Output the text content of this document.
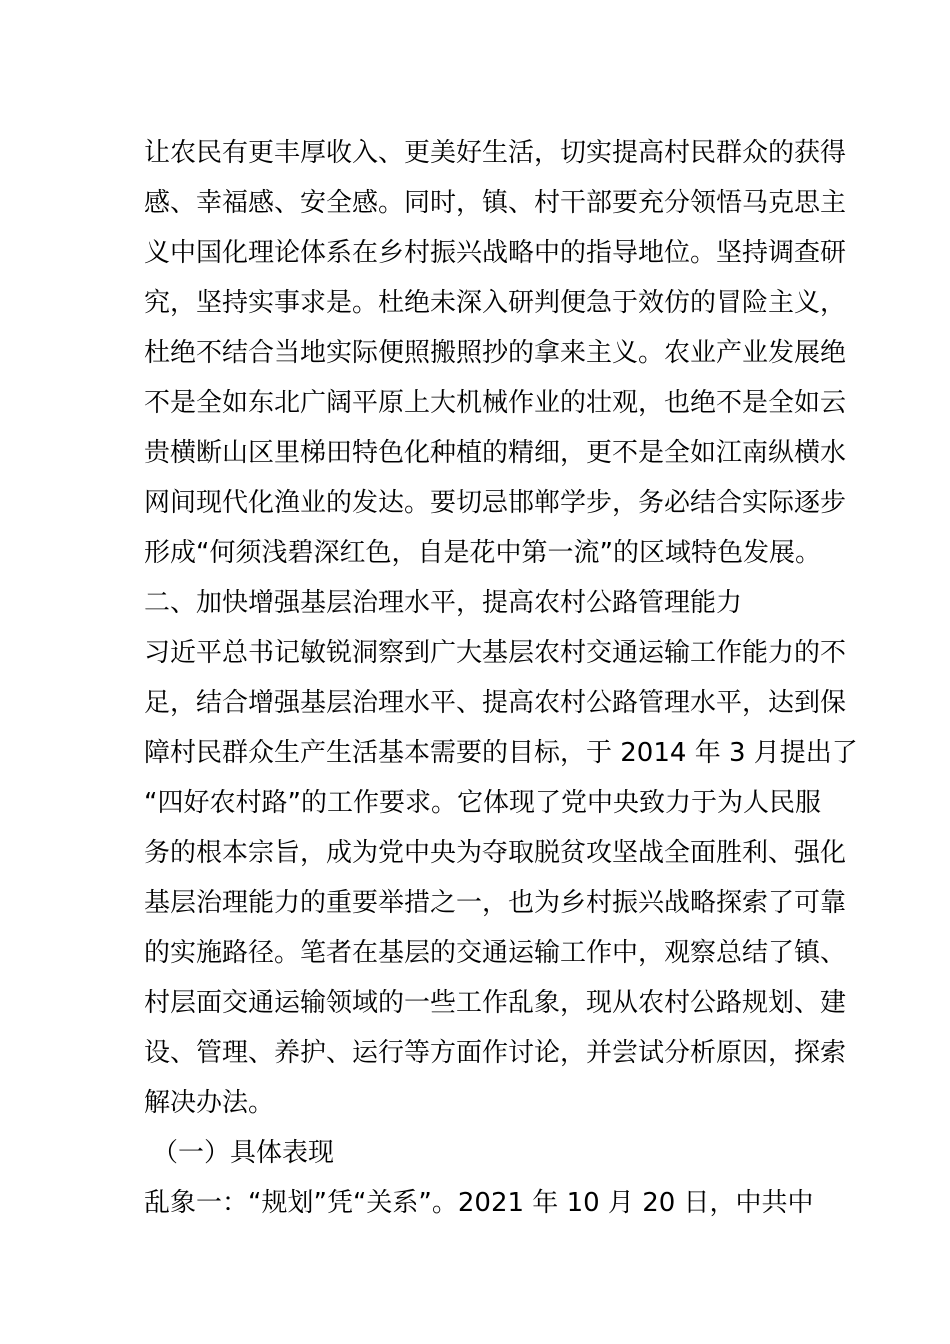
让农民有更丰厚收入、更美好生活，切实提高村民群众的获得
感、幸福感、安全感。同时，镇、村干部要充分领悟马克思主
义中国化理论体系在乡村振兴战略中的指导地位。坚持调查研
究，坚持实事求是。杜绝未深入研判便急于效仿的冒险主义，
杜绝不结合当地实际便照搬照抄的拿来主义。农业产业发展绝
不是全如东北广阔平原上大机械作业的壮观，也绝不是全如云
贵横断山区里梯田特色化种植的精细，更不是全如江南纵横水
网间现代化渔业的发达。要切忌邯郸学步，务必结合实际逐步
形成“何须浅碧深红色，自是花中第一流”的区域特色发展。
二、加快增强基层治理水平，提高农村公路管理能力
习近平总书记敏锐洞察到广大基层农村交通运输工作能力的不
足，结合增强基层治理水平、提高农村公路管理水平，达到保
障村民群众生产生活基本需要的目标，于 2014 年 3 月提出了
“四好农村路”的工作要求。它体现了党中央致力于为人民服
务的根本宗旨，成为党中央为夺取脱贫攻坚战全面胜利、强化
基层治理能力的重要举措之一，也为乡村振兴战略探索了可靠
的实施路径。笔者在基层的交通运输工作中，观察总结了镇、
村层面交通运输领域的一些工作乱象，现从农村公路规划、建
设、管理、养护、运行等方面作讨论，并尝试分析原因，探索
解决办法。
（一）具体表现
乱象一：“规划”凭“关系”。2021 年 10 月 20 日，中共中
